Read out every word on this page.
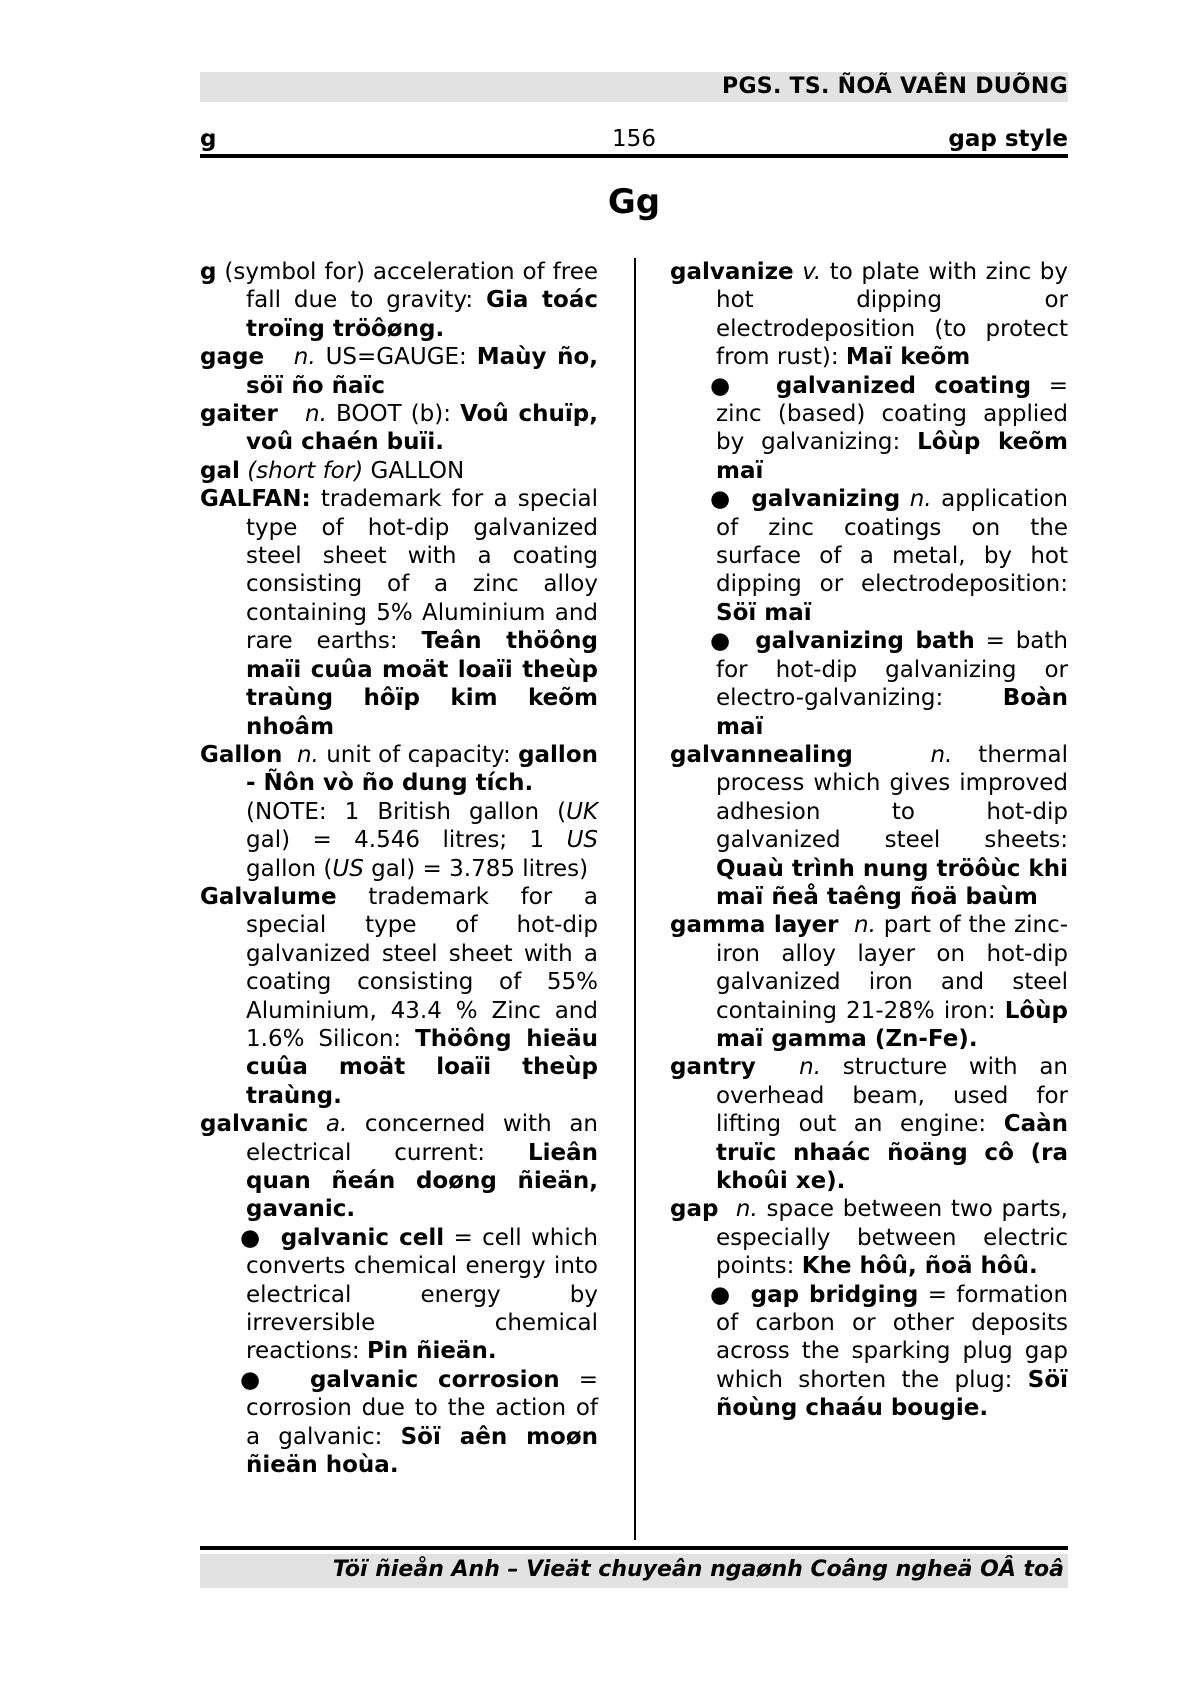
PGS. TS. ÑOÃ VAÊN DUÕNG
g	156	gap style
Gg

g (symbol for) acceleration of free fall due to gravity: Gia toác troïng tröôøng.

gage n. US=GAUGE: Maùy ño, söï ño ñaïc

gaiter n. BOOT (b): Voû chuïp, voû chaén buïi.

gal (short for) GALLON

GALFAN: trademark for a special type of hot-dip galvanized steel sheet with a coating consisting of a zinc alloy containing 5% Aluminium and rare earths: Teân thöông maïi cuûa moät loaïi theùp traùng hôïp kim keõm nhoâm

Gallon n. unit of capacity: gallon - Ñôn vò ño dung tích.

(NOTE: 1 British gallon (UK gal) = 4.546 litres; 1 US gallon (US gal) = 3.785 litres)

Galvalume trademark for a special type of hot-dip galvanized steel sheet with a coating consisting of 55% Aluminium, 43.4 % Zinc and 1.6% Silicon: Thöông hieäu cuûa moät loaïi theùp traùng.

galvanic a. concerned with an electrical current: Lieân quan ñeán doøng ñieän, gavanic.

● galvanic cell = cell which converts chemical energy into electrical energy by irreversible chemical reactions: Pin ñieän.

● galvanic corrosion = corrosion due to the action of a galvanic: Söï aên moøn ñieän hoùa.

galvanize v. to plate with zinc by hot dipping or electrodeposition (to protect from rust): Maï keõm

● galvanized coating = zinc (based) coating applied by galvanizing: Lôùp keõm maï

● galvanizing n. application of zinc coatings on the surface of a metal, by hot dipping or electrodeposition: Söï maï

● galvanizing bath = bath for hot-dip galvanizing or electro-galvanizing: Boàn maï

galvannealing	n. thermal process which gives improved adhesion to hot-dip galvanized steel sheets: Quaù trình nung tröôùc khi maï ñeå taêng ñoä baùm

gamma layer n. part of the zinc-iron alloy layer on hot-dip galvanized iron and steel containing 21-28% iron: Lôùp maï gamma (Zn-Fe).

gantry n. structure with an overhead beam, used for lifting out an engine: Caàn truïc nhaác ñoäng cô (ra khoûi xe).

gap n. space between two parts, especially between electric points: Khe hôû, ñoä hôû.

● gap bridging = formation of carbon or other deposits across the sparking plug gap which shorten the plug: Söï ñoùng chaáu bougie.

Töï ñieån Anh – Vieät chuyeân ngaønh Coâng ngheä OÂ toâ
